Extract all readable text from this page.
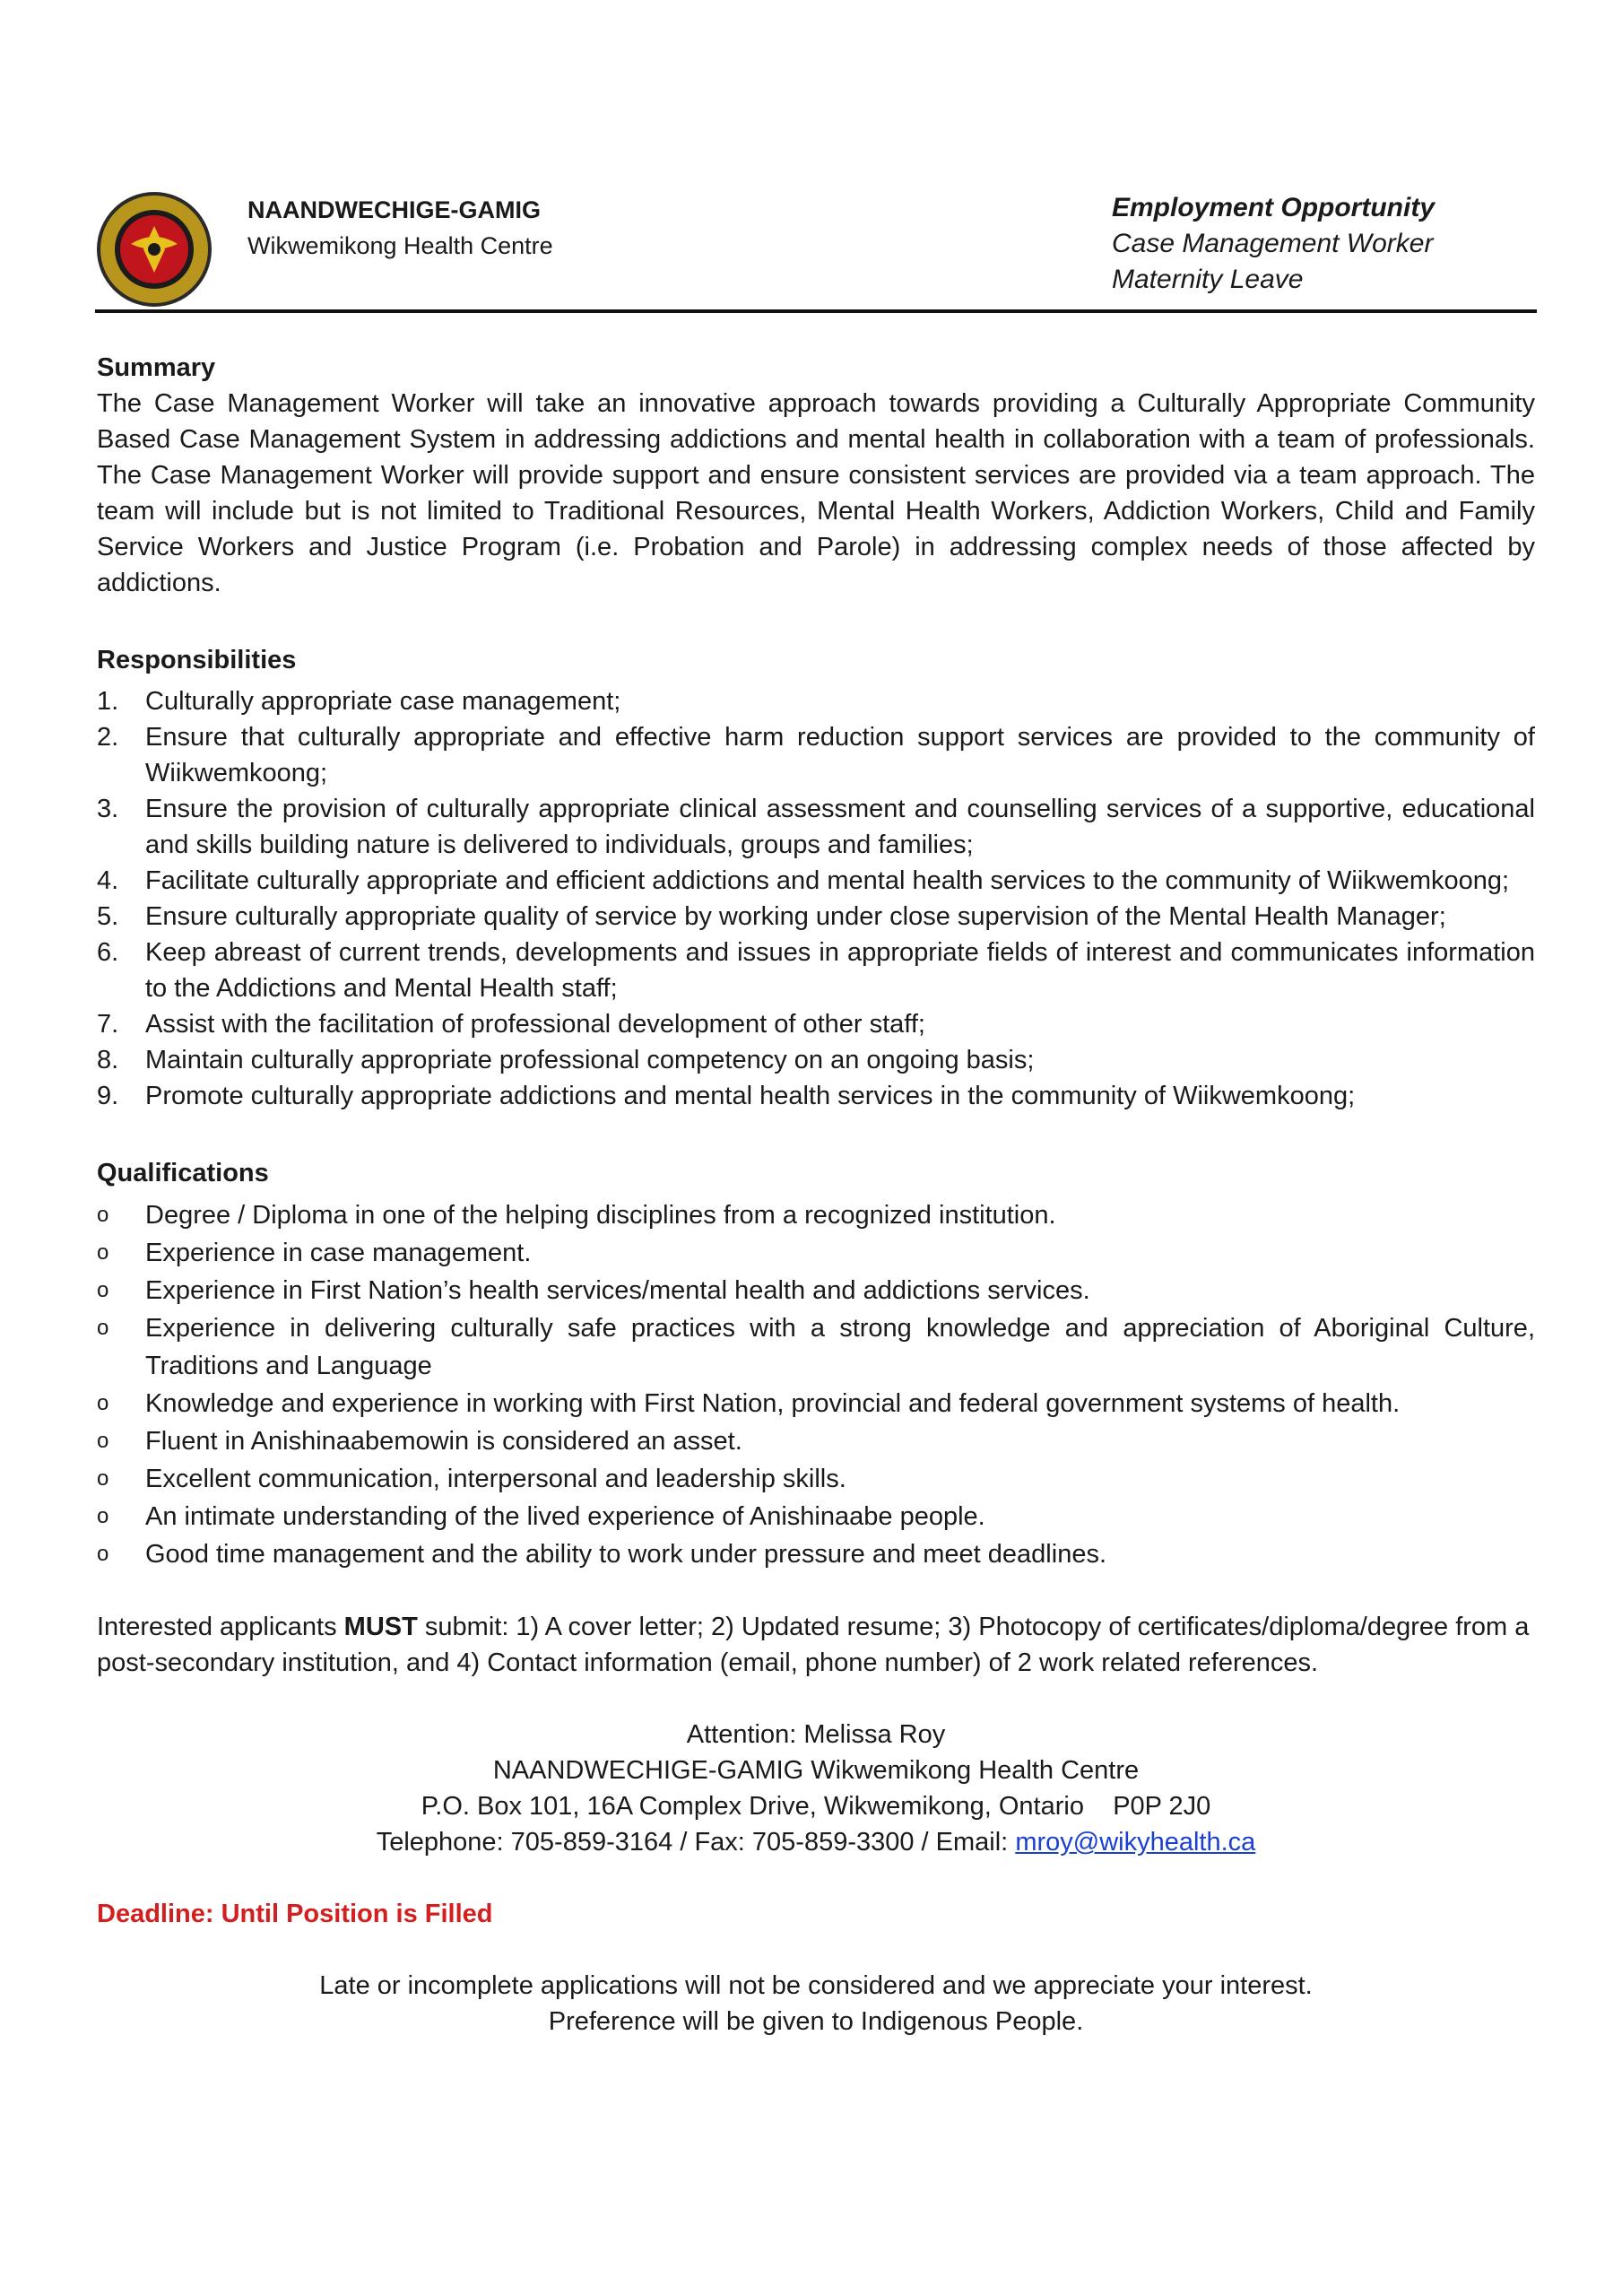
NAANDWECHIGE-GAMIG
Wikwemikong Health Centre
Employment Opportunity
Case Management Worker
Maternity Leave
Summary
The Case Management Worker will take an innovative approach towards providing a Culturally Appropriate Community Based Case Management System in addressing addictions and mental health in collaboration with a team of professionals. The Case Management Worker will provide support and ensure consistent services are provided via a team approach. The team will include but is not limited to Traditional Resources, Mental Health Workers, Addiction Workers, Child and Family Service Workers and Justice Program (i.e. Probation and Parole) in addressing complex needs of those affected by addictions.
Responsibilities
1.	Culturally appropriate case management;
2.	Ensure that culturally appropriate and effective harm reduction support services are provided to the community of Wiikwemkoong;
3.	Ensure the provision of culturally appropriate clinical assessment and counselling services of a supportive, educational and skills building nature is delivered to individuals, groups and families;
4.	Facilitate culturally appropriate and efficient addictions and mental health services to the community of Wiikwemkoong;
5.	Ensure culturally appropriate quality of service by working under close supervision of the Mental Health Manager;
6.	Keep abreast of current trends, developments and issues in appropriate fields of interest and communicates information to the Addictions and Mental Health staff;
7.	Assist with the facilitation of professional development of other staff;
8.	Maintain culturally appropriate professional competency on an ongoing basis;
9.	Promote culturally appropriate addictions and mental health services in the community of Wiikwemkoong;
Qualifications
o	Degree / Diploma in one of the helping disciplines from a recognized institution.
o	Experience in case management.
o	Experience in First Nation’s health services/mental health and addictions services.
o	Experience in delivering culturally safe practices with a strong knowledge and appreciation of Aboriginal Culture, Traditions and Language
o	Knowledge and experience in working with First Nation, provincial and federal government systems of health.
o	Fluent in Anishinaabemowin is considered an asset.
o	Excellent communication, interpersonal and leadership skills.
o	An intimate understanding of the lived experience of Anishinaabe people.
o	Good time management and the ability to work under pressure and meet deadlines.
Interested applicants MUST submit: 1) A cover letter; 2) Updated resume; 3) Photocopy of certificates/diploma/degree from a post-secondary institution, and 4) Contact information (email, phone number) of 2 work related references.
Attention: Melissa Roy
NAANDWECHIGE-GAMIG Wikwemikong Health Centre
P.O. Box 101, 16A Complex Drive, Wikwemikong, Ontario    P0P 2J0
Telephone: 705-859-3164 / Fax: 705-859-3300 / Email: mroy@wikyhealth.ca
Deadline: Until Position is Filled
Late or incomplete applications will not be considered and we appreciate your interest.
Preference will be given to Indigenous People.
